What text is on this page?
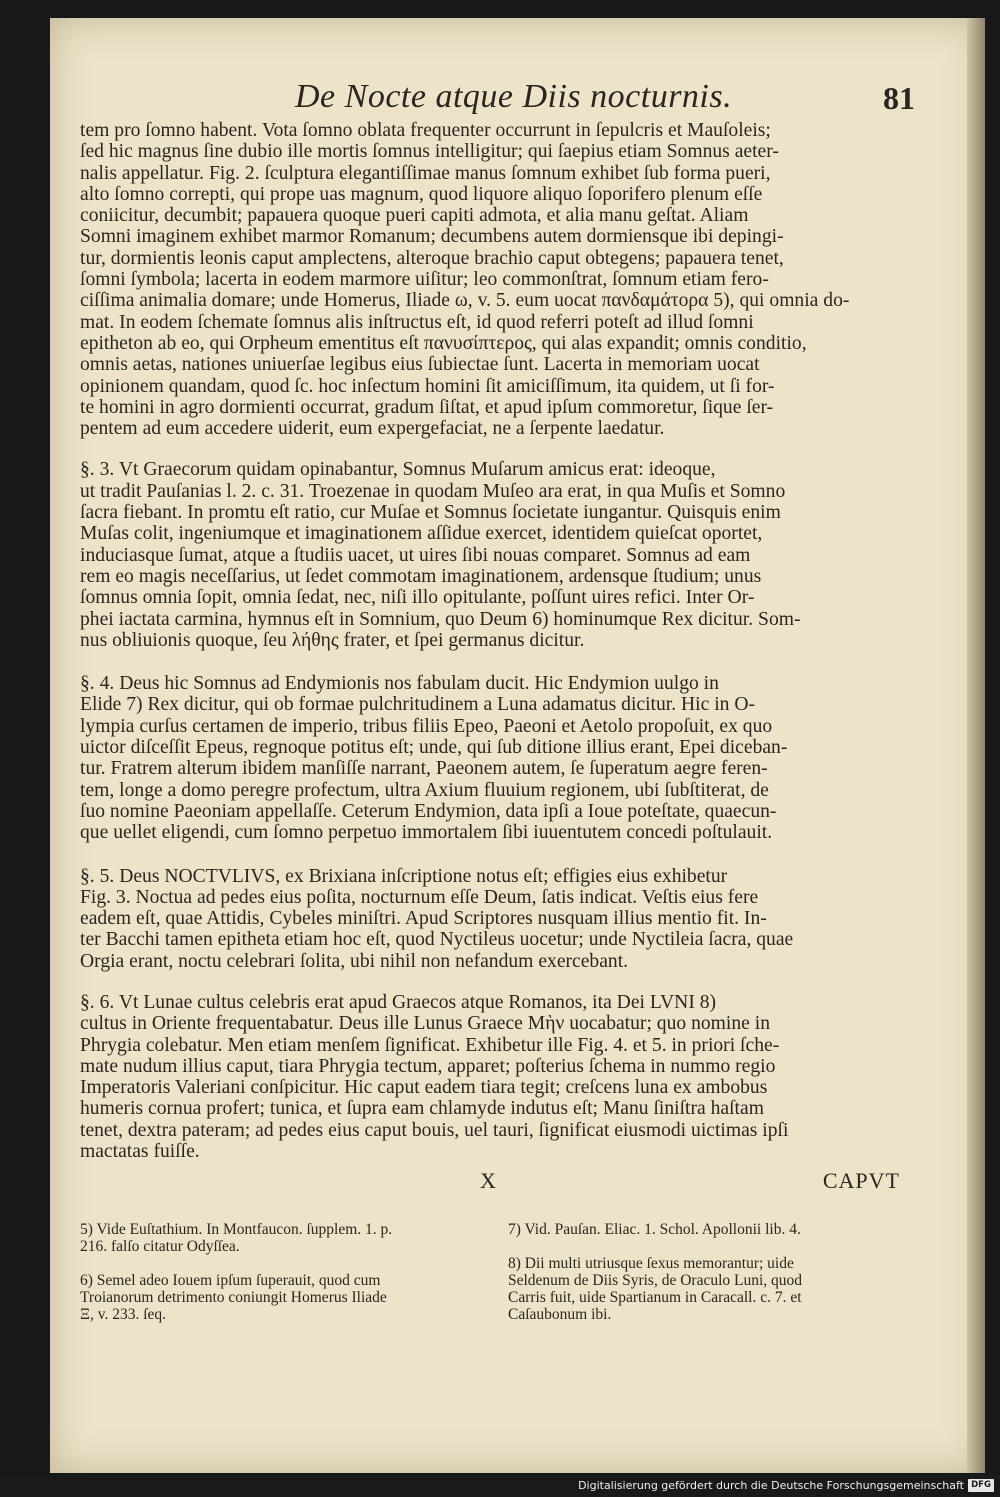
De Nocte atque Diis nocturnis.	81

tem pro ſomno habent. Vota ſomno oblata frequenter occurrunt in ſepulcris et Mauſoleis;
ſed hic magnus ſine dubio ille mortis ſomnus intelligitur; qui ſaepius etiam Somnus aeter-
nalis appellatur. Fig. 2. ſculptura elegantiſſimae manus ſomnum exhibet ſub forma pueri,
alto ſomno correpti, qui prope uas magnum, quod liquore aliquo ſoporifero plenum eſſe
coniicitur, decumbit; papauera quoque pueri capiti admota, et alia manu geſtat. Aliam
Somni imaginem exhibet marmor Romanum; decumbens autem dormiensque ibi depingi-
tur, dormientis leonis caput amplectens, alteroque brachio caput obtegens; papauera tenet,
ſomni ſymbola; lacerta in eodem marmore uiſitur; leo commonſtrat, ſomnum etiam fero-
ciſſima animalia domare; unde Homerus, Iliade ω, v. 5. eum uocat πανδαμάτορα 5), qui omnia do-
mat. In eodem ſchemate ſomnus alis inſtructus eſt, id quod referri poteſt ad illud ſomni
epitheton ab eo, qui Orpheum ementitus eſt πανυσίπτερος, qui alas expandit; omnis conditio,
omnis aetas, nationes uniuerſae legibus eius ſubiectae ſunt. Lacerta in memoriam uocat
opinionem quandam, quod ſc. hoc inſectum homini ſit amiciſſimum, ita quidem, ut ſi for-
te homini in agro dormienti occurrat, gradum ſiſtat, et apud ipſum commoretur, ſique ſer-
pentem ad eum accedere uiderit, eum expergefaciat, ne a ſerpente laedatur.

§. 3. Vt Graecorum quidam opinabantur, Somnus Muſarum amicus erat: ideoque,
ut tradit Pauſanias l. 2. c. 31. Troezenae in quodam Muſeo ara erat, in qua Muſis et Somno
ſacra fiebant. In promtu eſt ratio, cur Muſae et Somnus ſocietate iungantur. Quisquis enim
Muſas colit, ingeniumque et imaginationem aſſidue exercet, identidem quieſcat oportet,
induciasque ſumat, atque a ſtudiis uacet, ut uires ſibi nouas comparet. Somnus ad eam
rem eo magis neceſſarius, ut ſedet commotam imaginationem, ardensque ſtudium; unus
ſomnus omnia ſopit, omnia ſedat, nec, niſi illo opitulante, poſſunt uires refici. Inter Or-
phei iactata carmina, hymnus eſt in Somnium, quo Deum 6) hominumque Rex dicitur. Som-
nus obliuionis quoque, ſeu λήθης frater, et ſpei germanus dicitur.

§. 4. Deus hic Somnus ad Endymionis nos fabulam ducit. Hic Endymion uulgo in
Elide 7) Rex dicitur, qui ob formae pulchritudinem a Luna adamatus dicitur. Hic in O-
lympia curſus certamen de imperio, tribus filiis Epeo, Paeoni et Aetolo propoſuit, ex quo
uictor diſceſſit Epeus, regnoque potitus eſt; unde, qui ſub ditione illius erant, Epei diceban-
tur. Fratrem alterum ibidem manſiſſe narrant, Paeonem autem, ſe ſuperatum aegre feren-
tem, longe a domo peregre profectum, ultra Axium fluuium regionem, ubi ſubſtiterat, de
ſuo nomine Paeoniam appellaſſe. Ceterum Endymion, data ipſi a Ioue poteſtate, quaecun-
que uellet eligendi, cum ſomno perpetuo immortalem ſibi iuuentutem concedi poſtulauit.

§. 5. Deus NOCTVLIVS, ex Brixiana inſcriptione notus eſt; effigies eius exhibetur
Fig. 3. Noctua ad pedes eius poſita, nocturnum eſſe Deum, ſatis indicat. Veſtis eius fere
eadem eſt, quae Attidis, Cybeles miniſtri. Apud Scriptores nusquam illius mentio fit. In-
ter Bacchi tamen epitheta etiam hoc eſt, quod Nyctileus uocetur; unde Nyctileia ſacra, quae
Orgia erant, noctu celebrari ſolita, ubi nihil non nefandum exercebant.

§. 6. Vt Lunae cultus celebris erat apud Graecos atque Romanos, ita Dei LVNI 8)
cultus in Oriente frequentabatur. Deus ille Lunus Graece Μὴν uocabatur; quo nomine in
Phrygia colebatur. Men etiam menſem ſignificat. Exhibetur ille Fig. 4. et 5. in priori ſche-
mate nudum illius caput, tiara Phrygia tectum, apparet; poſterius ſchema in nummo regio
Imperatoris Valeriani conſpicitur. Hic caput eadem tiara tegit; creſcens luna ex ambobus
humeris cornua profert; tunica, et ſupra eam chlamyde indutus eſt; Manu ſiniſtra haſtam
tenet, dextra pateram; ad pedes eius caput bouis, uel tauri, ſignificat eiusmodi uictimas ipſi
mactatas fuiſſe.

X	CAPVT

5) Vide Euſtathium. In Montfaucon. ſupplem. 1. p.
216. falſo citatur Odyſſea.

6) Semel adeo Iouem ipſum ſuperauit, quod cum
Troianorum detrimento coniungit Homerus Iliade
Ξ, v. 233. ſeq.

7) Vid. Pauſan. Eliac. 1. Schol. Apollonii lib. 4.

8) Dii multi utriusque ſexus memorantur; uide
Seldenum de Diis Syris, de Oraculo Luni, quod
Carris fuit, uide Spartianum in Caracall. c. 7. et
Caſaubonum ibi.

Digitalisierung gefördert durch die Deutsche Forschungsgemeinschaft DFG
